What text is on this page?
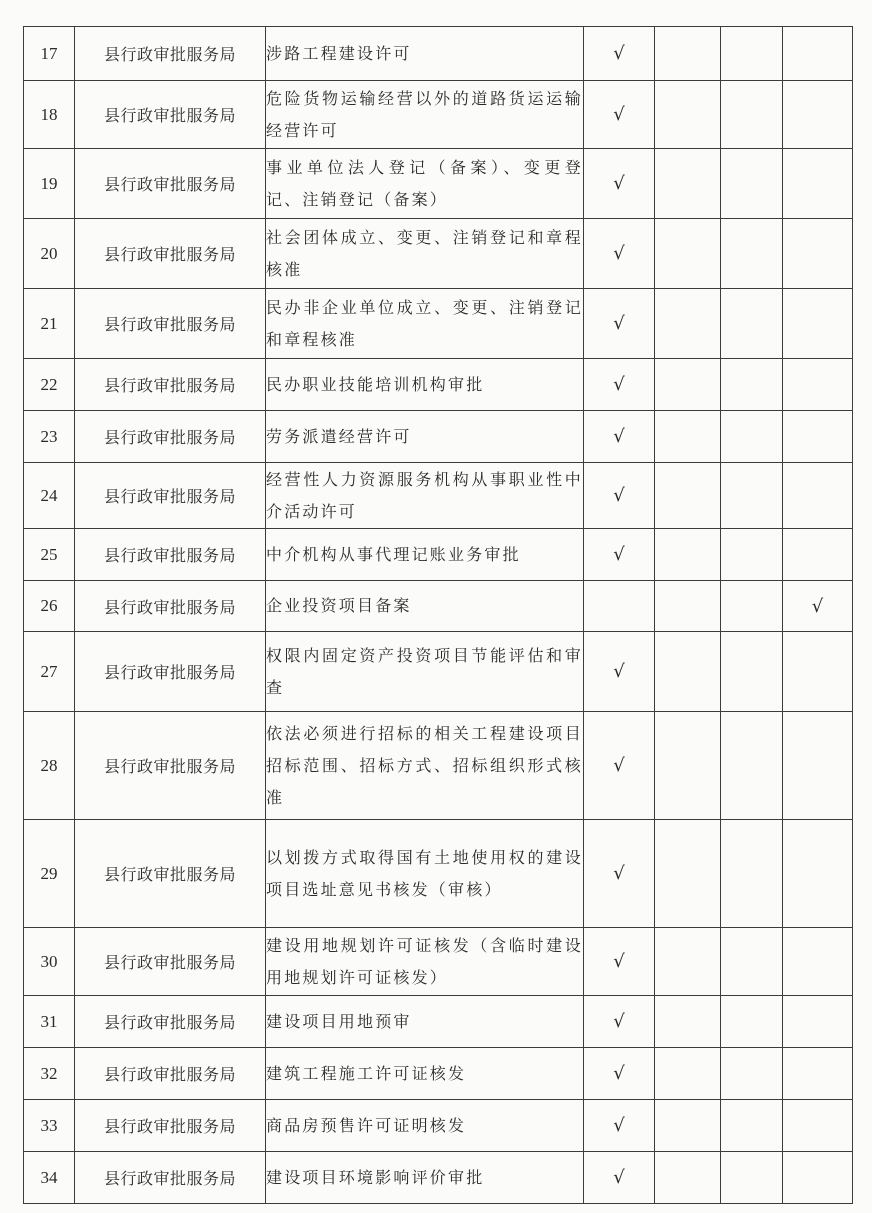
17	县行政审批服务局	涉路工程建设许可	√			
18	县行政审批服务局	危险货物运输经营以外的道路货运运输经营许可	√			
19	县行政审批服务局	事业单位法人登记（备案）、变更登记、注销登记（备案）	√			
20	县行政审批服务局	社会团体成立、变更、注销登记和章程核准	√			
21	县行政审批服务局	民办非企业单位成立、变更、注销登记和章程核准	√			
22	县行政审批服务局	民办职业技能培训机构审批	√			
23	县行政审批服务局	劳务派遣经营许可	√			
24	县行政审批服务局	经营性人力资源服务机构从事职业性中介活动许可	√			
25	县行政审批服务局	中介机构从事代理记账业务审批	√			
26	县行政审批服务局	企业投资项目备案				√
27	县行政审批服务局	权限内固定资产投资项目节能评估和审查	√			
28	县行政审批服务局	依法必须进行招标的相关工程建设项目招标范围、招标方式、招标组织形式核准	√			
29	县行政审批服务局	以划拨方式取得国有土地使用权的建设项目选址意见书核发（审核）	√			
30	县行政审批服务局	建设用地规划许可证核发（含临时建设用地规划许可证核发）	√			
31	县行政审批服务局	建设项目用地预审	√			
32	县行政审批服务局	建筑工程施工许可证核发	√			
33	县行政审批服务局	商品房预售许可证明核发	√			
34	县行政审批服务局	建设项目环境影响评价审批	√			
